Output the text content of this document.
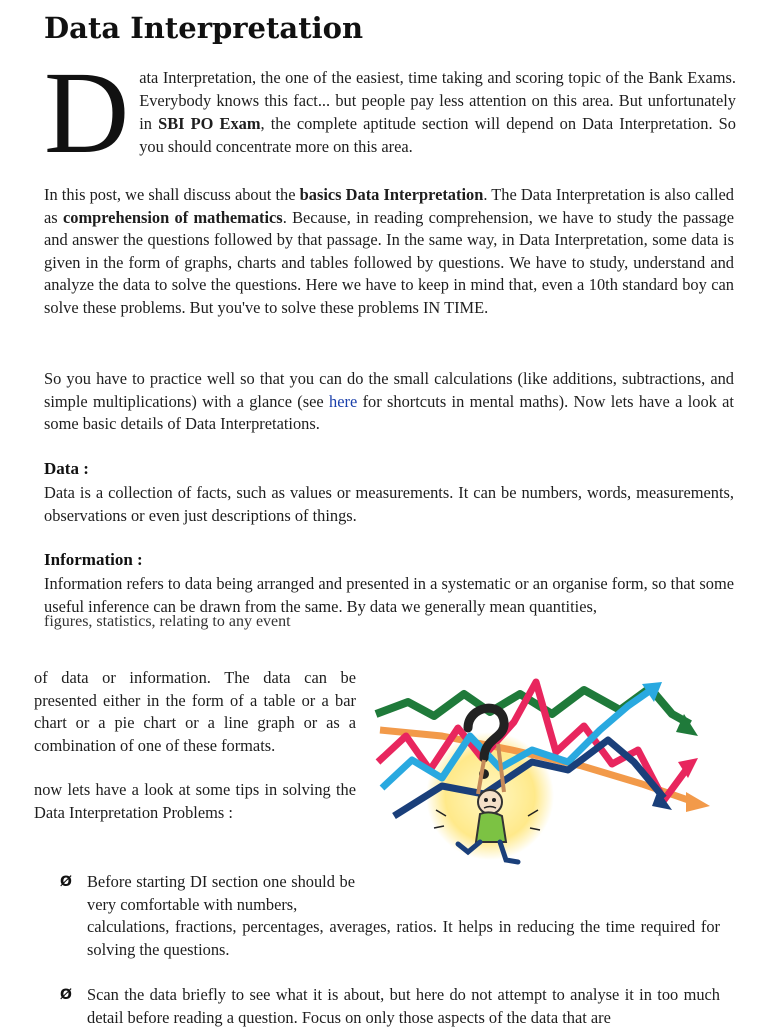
Data Interpretation
D ata Interpretation, the one of the easiest, time taking and scoring topic of the Bank Exams. Everybody knows this fact... but people pay less attention on this area. But unfortunately in SBI PO Exam, the complete aptitude section will depend on Data Interpretation. So you should concentrate more on this area.

In this post, we shall discuss about the basics Data Interpretation. The Data Interpretation is also called as comprehension of mathematics. Because, in reading comprehension, we have to study the passage and answer the questions followed by that passage. In the same way, in Data Interpretation, some data is given in the form of graphs, charts and tables followed by questions. We have to study, understand and analyze the data to solve the questions. Here we have to keep in mind that, even a 10th standard boy can solve these problems. But you've to solve these problems IN TIME.

So you have to practice well so that you can do the small calculations (like additions, subtractions, and simple multiplications) with a glance (see here for shortcuts in mental maths). Now lets have a look at some basic details of Data Interpretations.

Data :

Data is a collection of facts, such as values or measurements. It can be numbers, words, measurements, observations or even just descriptions of things.

Information :

Information refers to data being arranged and presented in a systematic or an organise form, so that some useful inference can be drawn from the same. By data we generally mean quantities,

figures, statistics, relating to any event

of data or information. The data can be presented either in the form of a table or a bar chart or a pie chart or a line graph or as a combination of one of these formats.

now lets have a look at some tips in solving the Data Interpretation Problems :

Ø Before starting DI section one should be very comfortable with numbers,

calculations, fractions, percentages, averages, ratios. It helps in reducing the time required for solving the questions.

Ø Scan the data briefly to see what it is about, but here do not attempt to analyse it in too much detail before reading a question. Focus on only those aspects of the data that are
